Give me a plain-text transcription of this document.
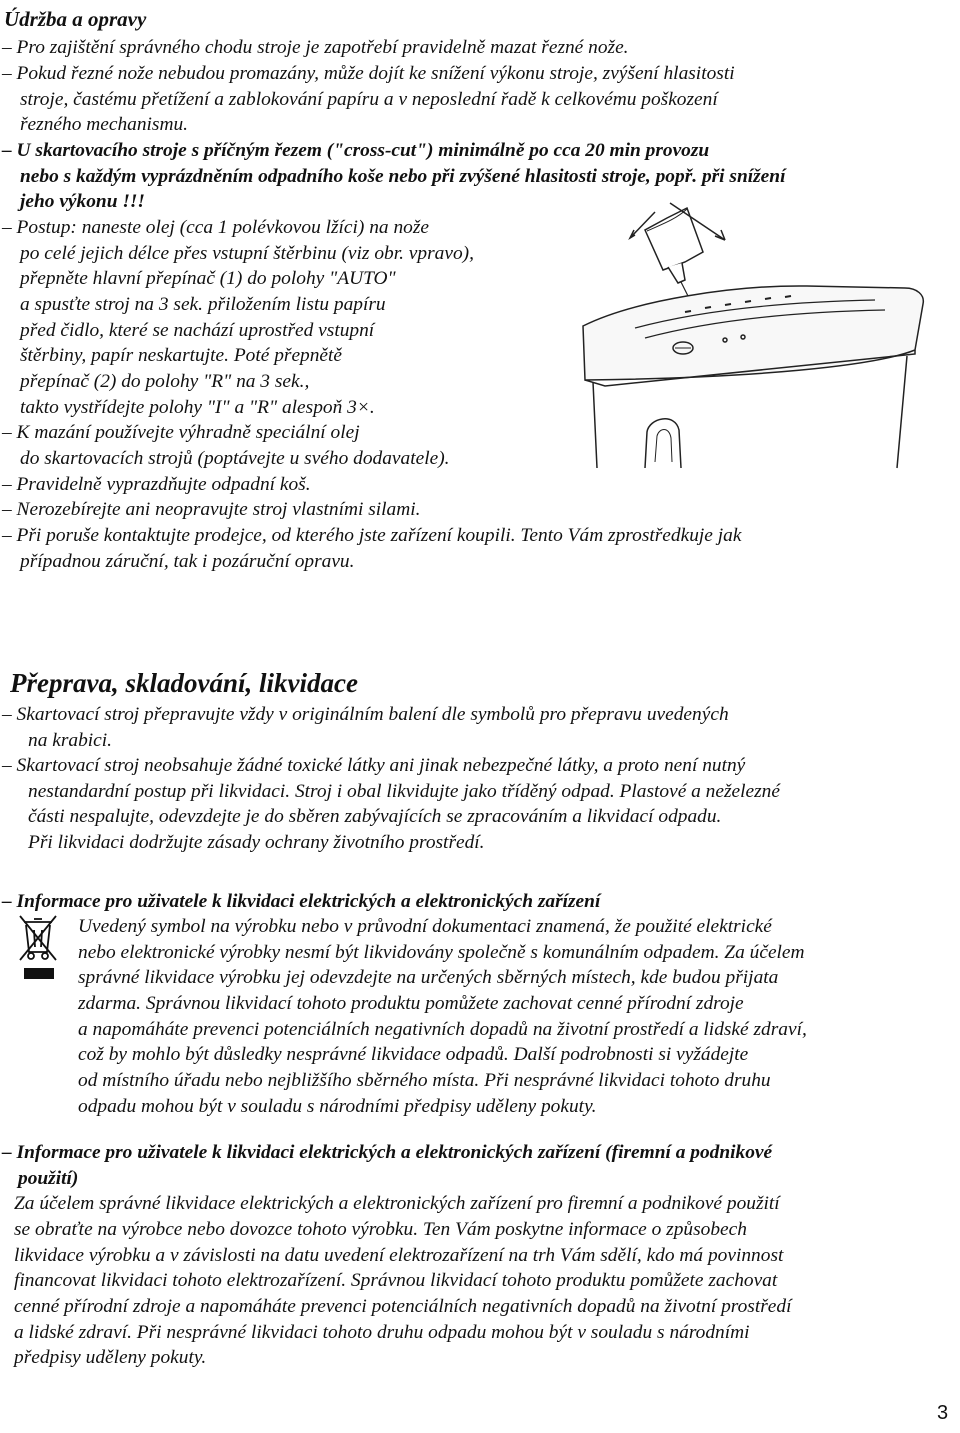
Údržba a opravy
– Pro zajištění správného chodu stroje je zapotřebí pravidelně mazat řezné nože.
– Pokud řezné nože nebudou promazány, může dojít ke snížení výkonu stroje, zvýšení hlasitosti
stroje, častému přetížení a zablokování papíru a v neposlední řadě k celkovému poškození
řezného mechanismu.
– U skartovacího stroje s příčným řezem ("cross-cut") minimálně po cca 20 min provozu
nebo s každým vyprázdněním odpadního koše nebo při zvýšené hlasitosti stroje, popř. při snížení
jeho výkonu !!!
– Postup: naneste olej (cca 1 polévkovou lžíci) na nože
po celé jejich délce přes vstupní štěrbinu (viz obr. vpravo),
přepněte hlavní přepínač (1) do polohy "AUTO"
a spusťte stroj na 3 sek. přiložením listu papíru
před čidlo, které se nachází uprostřed vstupní
štěrbiny, papír neskartujte. Poté přepnětě
přepínač (2) do polohy "R" na 3 sek.,
takto vystřídejte polohy "I" a "R" alespoň 3×.
– K mazání používejte výhradně speciální olej
do skartovacích strojů (poptávejte u svého dodavatele).
– Pravidelně vyprazdňujte odpadní koš.
– Nerozebírejte ani neopravujte stroj vlastními silami.
– Při poruše kontaktujte prodejce, od kterého jste zařízení koupili. Tento Vám zprostředkuje jak
případnou záruční, tak i pozáruční opravu.
Přeprava, skladování, likvidace
– Skartovací stroj přepravujte vždy v originálním balení dle symbolů pro přepravu uvedených
na krabici.
– Skartovací stroj neobsahuje žádné toxické látky ani jinak nebezpečné látky, a proto není nutný
nestandardní postup při likvidaci. Stroj i obal likvidujte jako tříděný odpad. Plastové a neželezné
části nespalujte, odevzdejte je do sběren zabývajících se zpracováním a likvidací odpadu.
Při likvidaci dodržujte zásady ochrany životního prostředí.
– Informace pro uživatele k likvidaci elektrických a elektronických zařízení
Uvedený symbol na výrobku nebo v průvodní dokumentaci znamená, že použité elektrické
nebo elektronické výrobky nesmí být likvidovány společně s komunálním odpadem. Za účelem
správné likvidace výrobku jej odevzdejte na určených sběrných místech, kde budou přijata
zdarma. Správnou likvidací tohoto produktu pomůžete zachovat cenné přírodní zdroje
a napomáháte prevenci potenciálních negativních dopadů na životní prostředí a lidské zdraví,
což by mohlo být důsledky nesprávné likvidace odpadů. Další podrobnosti si vyžádejte
od místního úřadu nebo nejbližšího sběrného místa. Při nesprávné likvidaci tohoto druhu
odpadu mohou být v souladu s národními předpisy uděleny pokuty.
– Informace pro uživatele k likvidaci elektrických a elektronických zařízení (firemní a podnikové
použití)
Za účelem správné likvidace elektrických a elektronických zařízení pro firemní a podnikové použití
se obraťte na výrobce nebo dovozce tohoto výrobku. Ten Vám poskytne informace o způsobech
likvidace výrobku a v závislosti na datu uvedení elektrozařízení na trh Vám sdělí, kdo má povinnost
financovat likvidaci tohoto elektrozařízení. Správnou likvidací tohoto produktu pomůžete zachovat
cenné přírodní zdroje a napomáháte prevenci potenciálních negativních dopadů na životní prostředí
a lidské zdraví. Při nesprávné likvidaci tohoto druhu odpadu mohou být v souladu s národními
předpisy uděleny pokuty.
3
